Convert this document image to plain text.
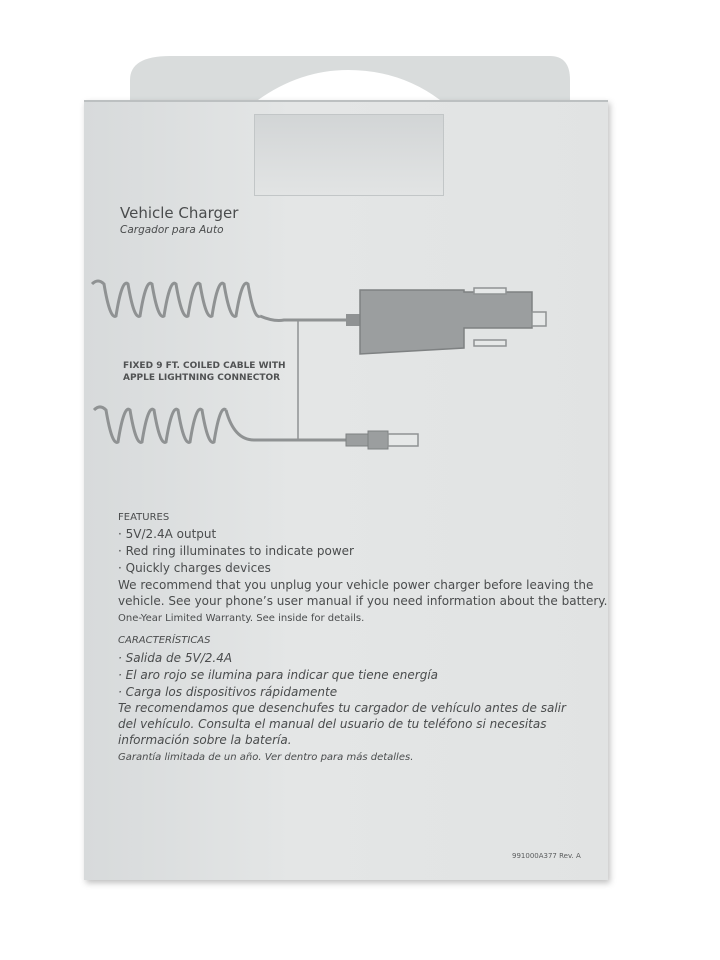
Vehicle Charger
Cargador para Auto
FIXED 9 FT. COILED CABLE WITH
APPLE LIGHTNING CONNECTOR
FEATURES
· 5V/2.4A output
· Red ring illuminates to indicate power
· Quickly charges devices
We recommend that you unplug your vehicle power charger before leaving the
vehicle. See your phone’s user manual if you need information about the battery.
One-Year Limited Warranty. See inside for details.
CARACTERÍSTICAS
· Salida de 5V/2.4A
· El aro rojo se ilumina para indicar que tiene energía
· Carga los dispositivos rápidamente
Te recomendamos que desenchufes tu cargador de vehículo antes de salir
del vehículo. Consulta el manual del usuario de tu teléfono si necesitas
información sobre la batería.
Garantía limitada de un año. Ver dentro para más detalles.
991000A377 Rev. A
